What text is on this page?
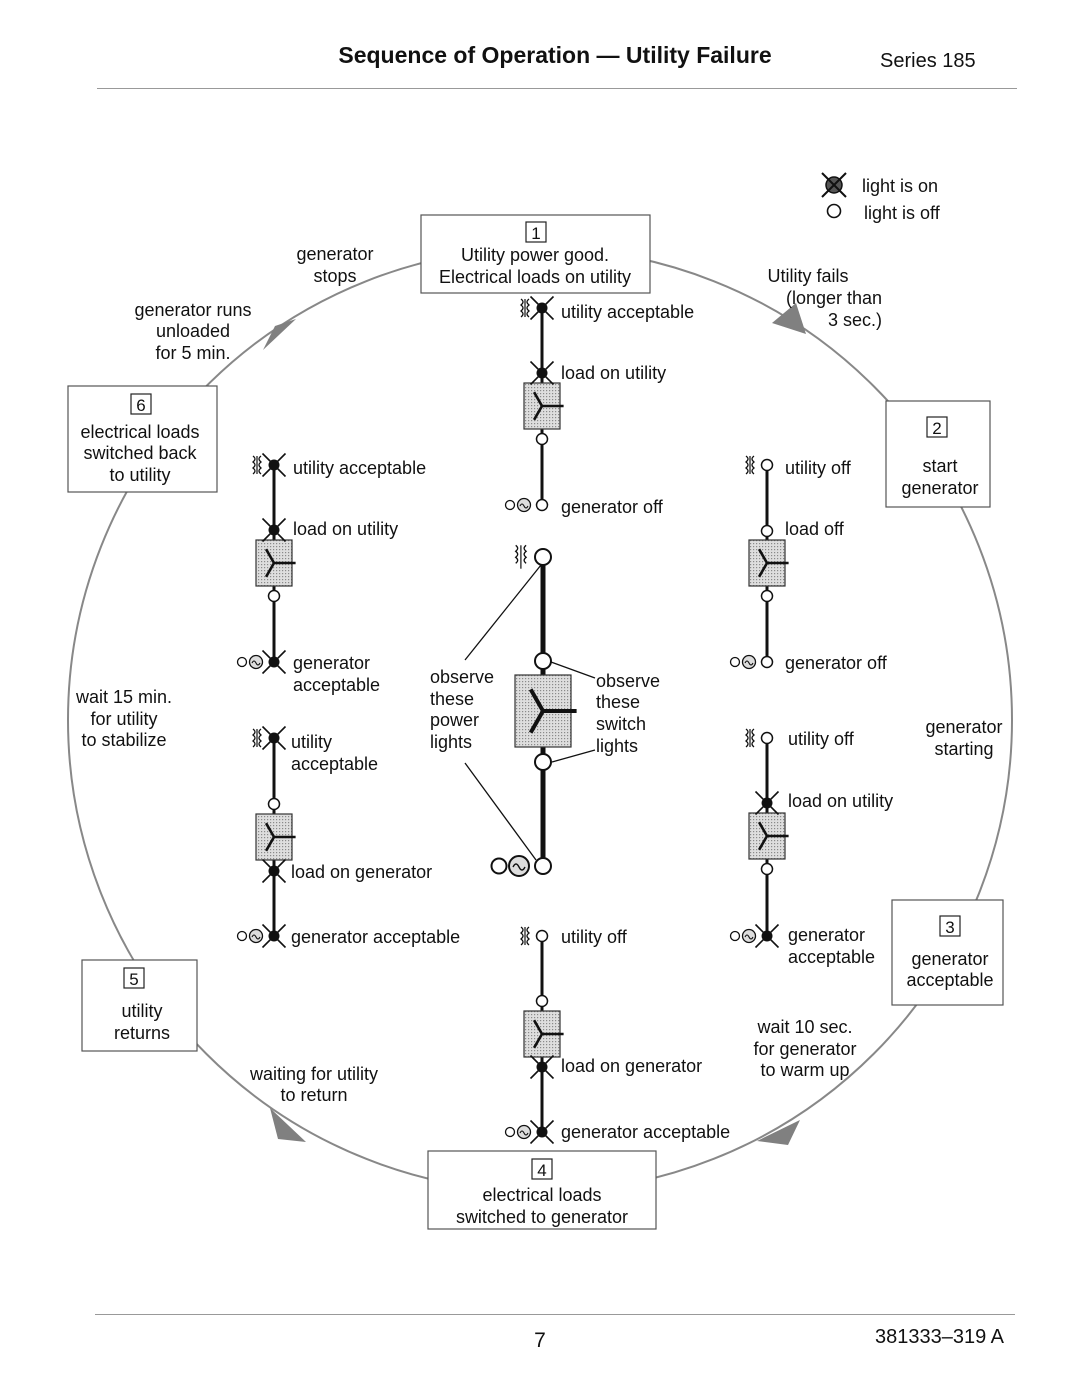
Sequence of Operation — Utility Failure	Series 185
7	381333–319 A
light is on
light is off
1
Utility power good.
Electrical loads on utility
2
start
generator
3
generator
acceptable
4
electrical loads
switched to generator
5
utility
returns
6
electrical loads
switched back
to utility
Utility fails
(longer than
3 sec.)
generator
starting
wait 10 sec.
for generator
to warm up
waiting for utility
to return
wait 15 min.
for utility
to stabilize
generator runs
unloaded
for 5 min.
generator
stops
observe
these
power
lights
observe
these
switch
lights
utility acceptable
load on utility
generator off
utility off
load off
generator off
utility off
load on utility
generator
acceptable
utility off
load on generator
generator acceptable
utility
acceptable
load on generator
generator acceptable
utility acceptable
load on utility
generator
acceptable
